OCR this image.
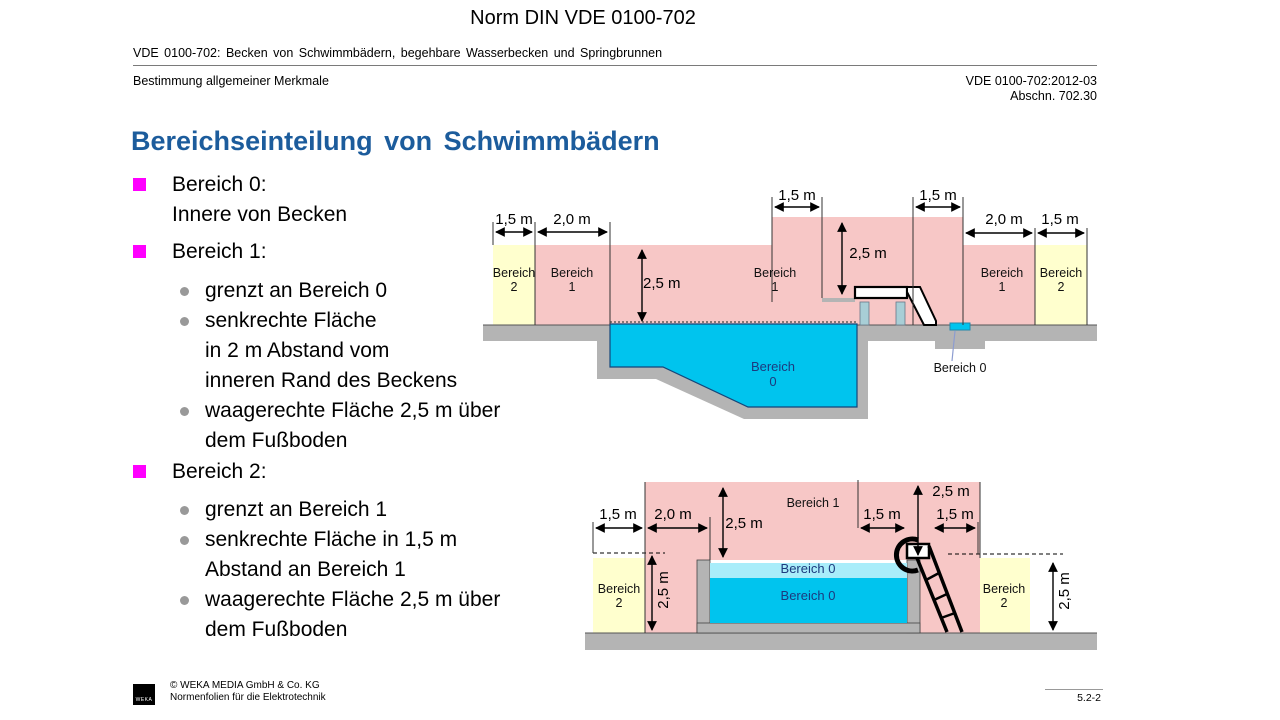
Norm DIN VDE 0100-702
VDE 0100-702: Becken von Schwimmbädern, begehbare Wasserbecken und Springbrunnen
Bestimmung allgemeiner Merkmale	VDE 0100-702:2012-03
Abschn. 702.30
Bereichseinteilung von Schwimmbädern
Bereich 0:
Innere von Becken
Bereich 1:
grenzt an Bereich 0
senkrechte Fläche
in 2 m Abstand vom
inneren Rand des Beckens
waagerechte Fläche 2,5 m über
dem Fußboden
Bereich 2:
grenzt an Bereich 1
senkrechte Fläche in 1,5 m
Abstand an Bereich 1
waagerechte Fläche 2,5 m über
dem Fußboden
1,5 m	2,0 m
1,5 m	1,5 m
2,5 m
2,5 m
2,0 m	1,5 m
Bereich
2
Bereich
1
Bereich
1
Bereich
1
Bereich
2
Bereich
0
Bereich 0
1,5 m	2,0 m
2,5 m
1,5 m
2,5 m
1,5 m
2,5 m	2,5 m
Bereich 1
Bereich
2
Bereich
2
Bereich 0
Bereich 0
WEKA
© WEKA MEDIA GmbH & Co. KG
Normenfolien für die Elektrotechnik	5.2-2
